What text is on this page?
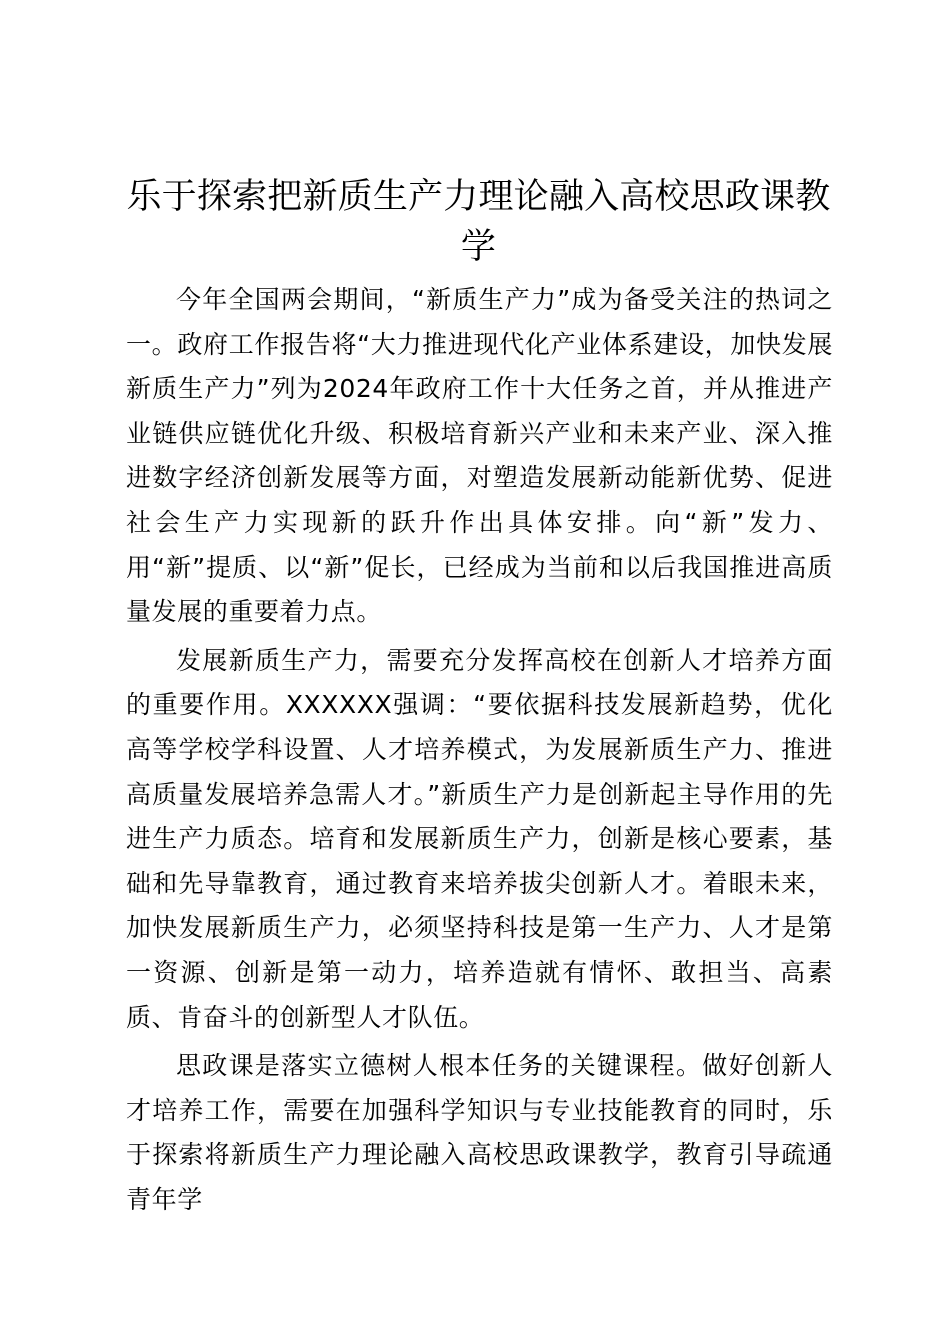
乐于探索把新质生产力理论融入高校思政课教学

今年全国两会期间，“新质生产力”成为备受关注的热词之一。政府工作报告将“大力推进现代化产业体系建设，加快发展新质生产力”列为2024年政府工作十大任务之首，并从推进产业链供应链优化升级、积极培育新兴产业和未来产业、深入推进数字经济创新发展等方面，对塑造发展新动能新优势、促进社会生产力实现新的跃升作出具体安排。向“新”发力、用“新”提质、以“新”促长，已经成为当前和以后我国推进高质量发展的重要着力点。

发展新质生产力，需要充分发挥高校在创新人才培养方面的重要作用。XXXXXX强调：“要依据科技发展新趋势，优化高等学校学科设置、人才培养模式，为发展新质生产力、推进高质量发展培养急需人才。”新质生产力是创新起主导作用的先进生产力质态。培育和发展新质生产力，创新是核心要素，基础和先导靠教育，通过教育来培养拔尖创新人才。着眼未来，加快发展新质生产力，必须坚持科技是第一生产力、人才是第一资源、创新是第一动力，培养造就有情怀、敢担当、高素质、肯奋斗的创新型人才队伍。

思政课是落实立德树人根本任务的关键课程。做好创新人才培养工作，需要在加强科学知识与专业技能教育的同时，乐于探索将新质生产力理论融入高校思政课教学，教育引导疏通青年学
